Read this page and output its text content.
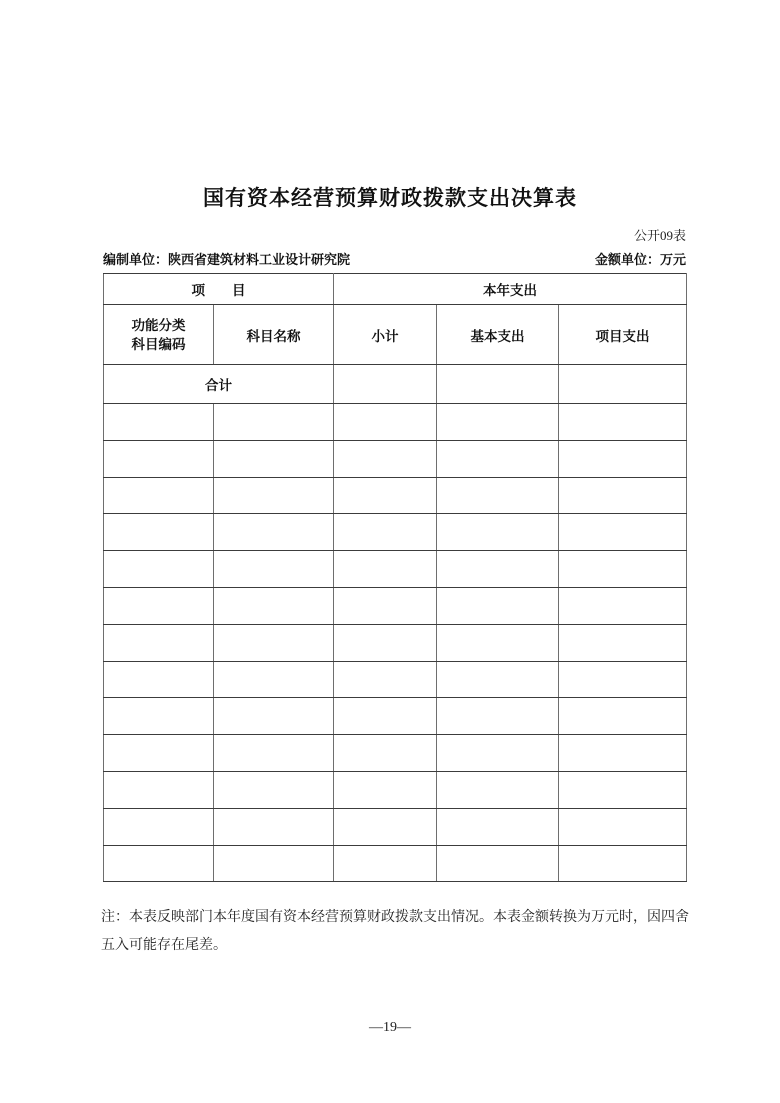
国有资本经营预算财政拨款支出决算表
公开09表
编制单位：陕西省建筑材料工业设计研究院	金额单位：万元
项　　目		本年支出		

功能分类
科目编码	科目名称	小计	基本支出	项目支出
合计				

注：本表反映部门本年度国有资本经营预算财政拨款支出情况。本表金额转换为万元时，因四舍
五入可能存在尾差。
—19—
